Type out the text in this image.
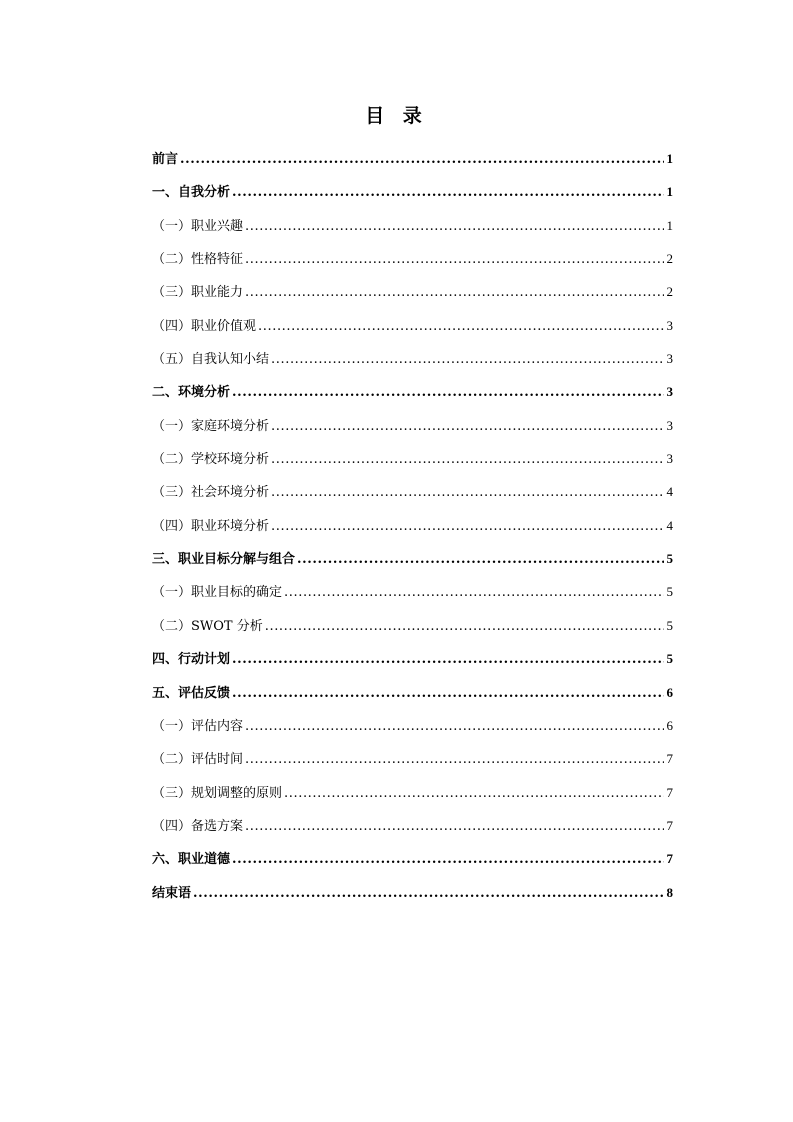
目 录
前言 .....	1
一、自我分析 .....	1
（一）职业兴趣 .....	1
（二）性格特征 .....	2
（三）职业能力 .....	2
（四）职业价值观 .....	3
（五）自我认知小结 .....	3
二、环境分析 .....	3
（一）家庭环境分析 .....	3
（二）学校环境分析 .....	3
（三）社会环境分析 .....	4
（四）职业环境分析 .....	4
三、职业目标分解与组合 .....	5
（一）职业目标的确定 .....	5
（二）SWOT 分析 .....	5
四、行动计划 .....	5
五、评估反馈 .....	6
（一）评估内容 .....	6
（二）评估时间 .....	7
（三）规划调整的原则 .....	7
（四）备选方案 .....	7
六、职业道德 .....	7
结束语 .....	8
